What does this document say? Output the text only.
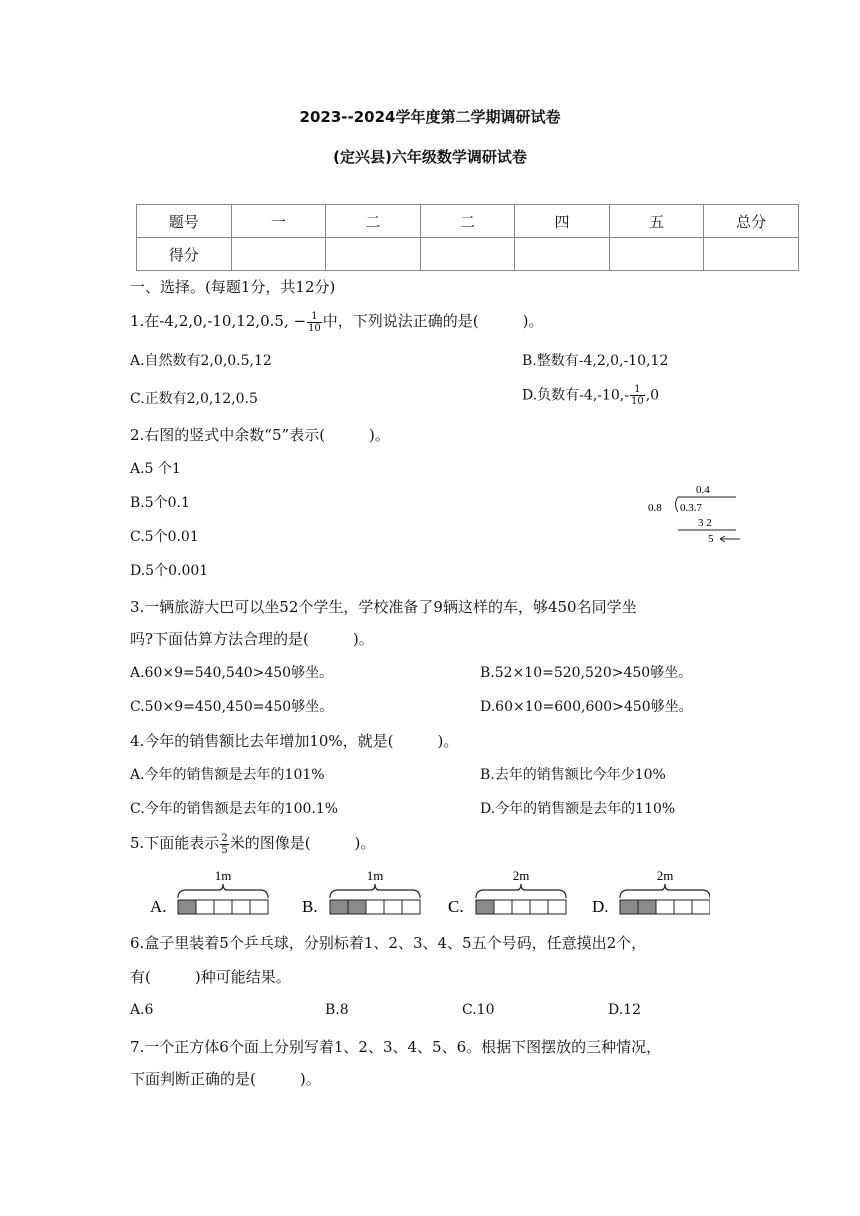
2023--2024学年度第二学期调研试卷
(定兴县)六年级数学调研试卷
题号	一	二	二	四	五	总分
得分						
一、选择。(每题1分，共12分)
1.在-4,2,0,-10,12,0.5, − $\frac{1}{10}$ 中，下列说法正确的是(	)。
A.自然数有2,0,0.5,12	B.整数有-4,2,0,-10,12
C.正数有2,0,12,0.5	D.负数有$-4,-10,- \frac{1}{10} ,0$
2.右图的竖式中余数“5”表示(	)。
A.5 个1
B.5个0.1
C.5个0.01
D.5个0.001
0.4
0.8 0.3.7
3 2
5
3.一辆旅游大巴可以坐52个学生，学校准备了9辆这样的车，够450名同学坐
吗?下面估算方法合理的是(	)。
A.60×9=540,540>450够坐。	B.52×10=520,520>450够坐。
C.50×9=450,450=450够坐。	D.60×10=600,600>450够坐。
4.今年的销售额比去年增加10%，就是(	)。
A.今年的销售额是去年的101%	B.去年的销售额比今年少10%
C.今年的销售额是去年的100.1%	D.今年的销售额是去年的110%
5.下面能表示 $\frac{2}{5}$ 米的图像是(	)。
A.
1m
B.
1m
C.
2m
D.
2m
6.盒子里装着5个乒乓球，分别标着1、2、3、4、5五个号码，任意摸出2个，
有(	)种可能结果。
A.6	B.8	C.10	D.12
7.一个正方体6个面上分别写着1、2、3、4、5、6。根据下图摆放的三种情况，
下面判断正确的是(	)。
